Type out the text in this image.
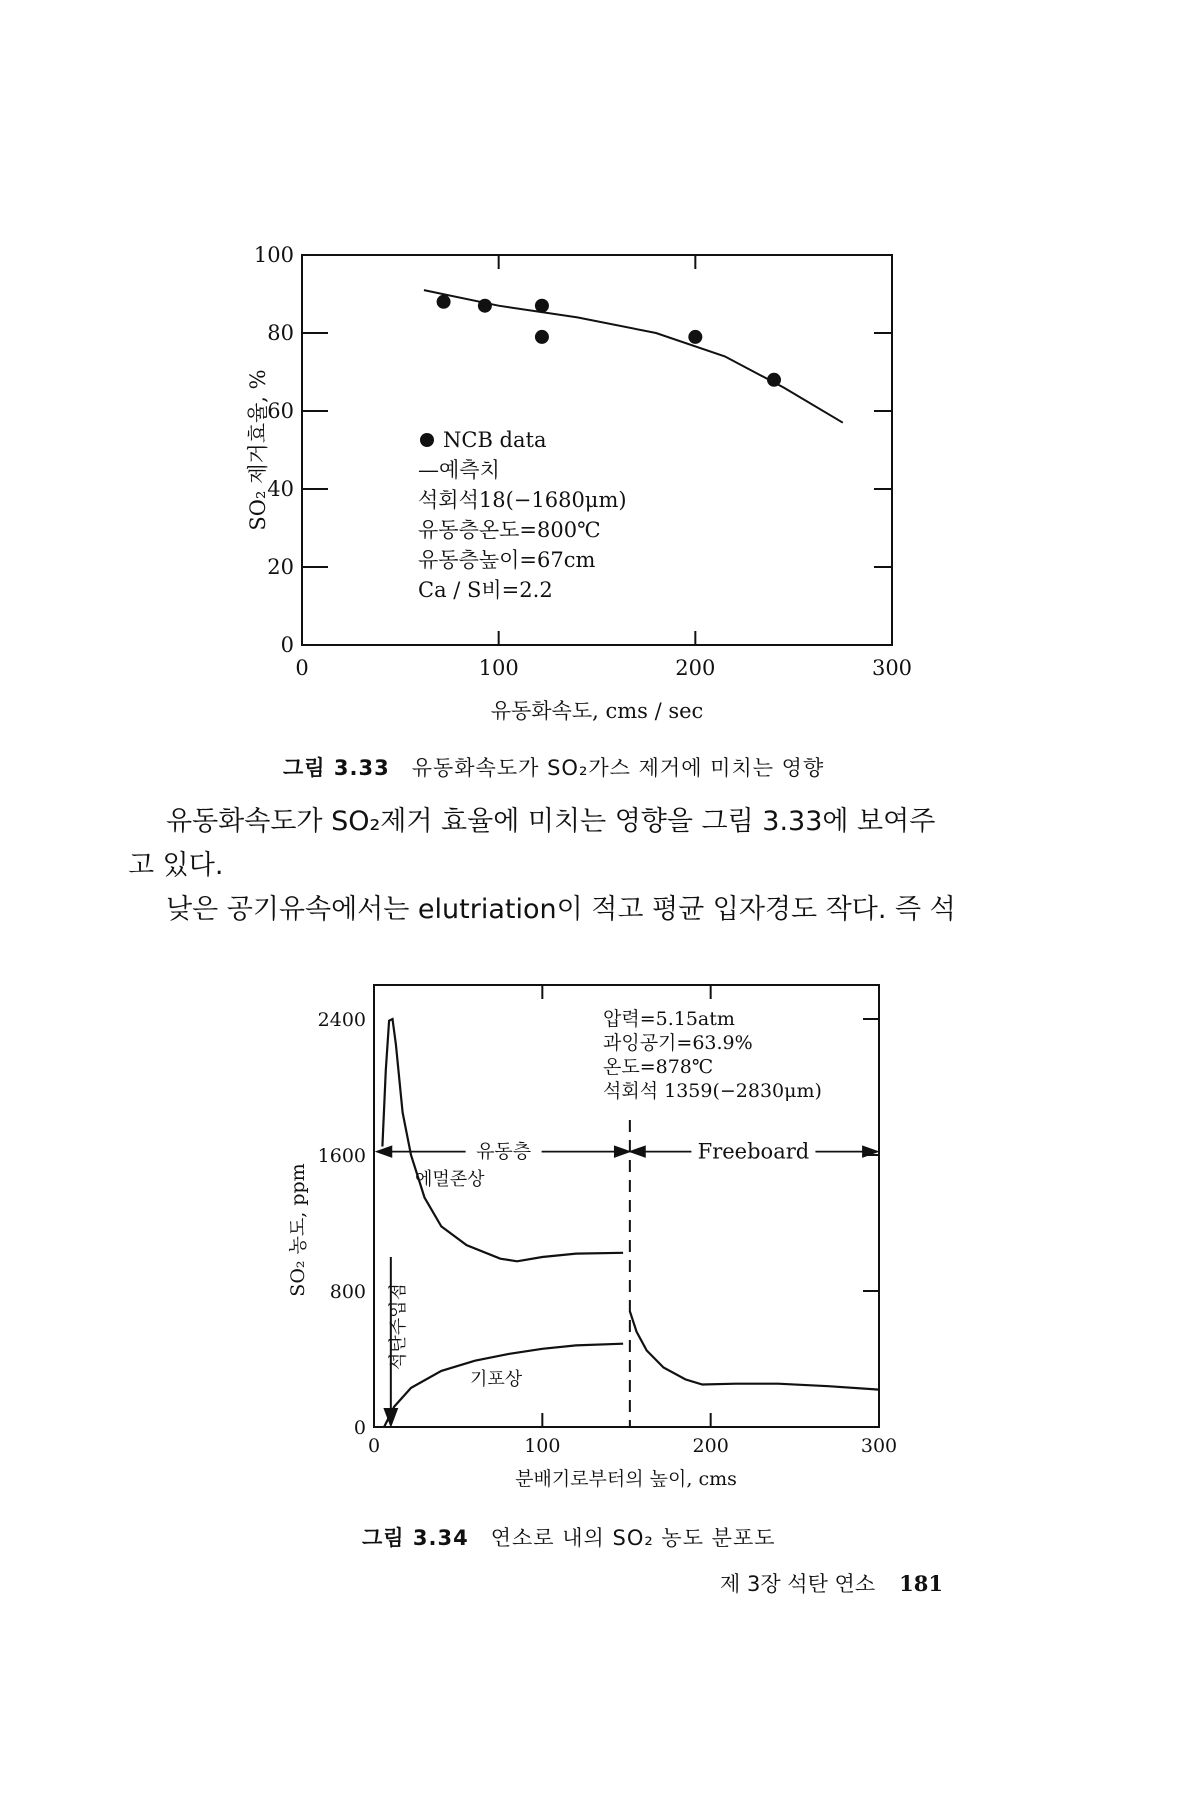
0	100	200	300
0
20
40
60
80
100
유동화속도, cms / sec
SO₂ 제거효율, %	NCB data
—예측치
석회석18(−1680μm)
유동층온도=800℃
유동층높이=67cm
Ca / S비=2.2
그림 3.33 유동화속도가 SO₂가스 제거에 미치는 영향

유동화속도가 SO₂제거 효율에 미치는 영향을 그림 3.33에 보여주

고 있다.

낮은 공기유속에서는 elutriation이 적고 평균 입자경도 작다. 즉 석

0	100	200	300
0
800
1600
2400
유동층	Freeboard
에멀존상
기포상
석탄주입점
압력=5.15atm
과잉공기=63.9%
온도=878℃
석회석 1359(−2830μm)
분배기로부터의 높이, cms
SO₂ 농도, ppm
그림 3.34 연소로 내의 SO₂ 농도 분포도
제 3장 석탄 연소 181
